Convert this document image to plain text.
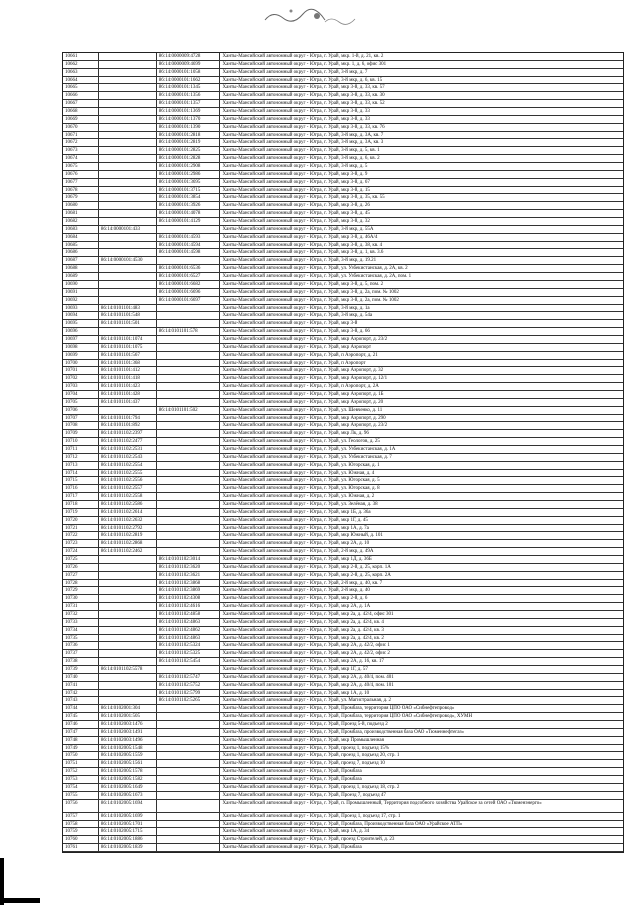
10661	86:14:0000009:4728	Ханты-Мансийский автономный округ - Югра, г. Урай, мкр. 1-й, д. 21, кв. 2
10662	86:14:0000009:4699	Ханты-Мансийский автономный округ - Югра, г. Урай, мкр. 1, д. 6, офис 301
10663	86:14:0000101:1058	Ханты-Мансийский автономный округ - Югра, г. Урай, 3-й мкр, д. 7
10664	86:14:0000101:1662	Ханты-Мансийский автономный округ - Югра, г. Урай, 3-й мкр, д. 6, кв. 15
10665	86:14:0000101:1345	Ханты-Мансийский автономный округ - Югра, г. Урай, мкр 3-й, д. 33, кв. 57
10666	86:14:0000101:1356	Ханты-Мансийский автономный округ - Югра, г. Урай, мкр 3-й, д. 33, кв. 30
10667	86:14:0000101:1357	Ханты-Мансийский автономный округ - Югра, г. Урай, мкр 3-й, д. 33, кв. 52
10668	86:14:0000101:1369	Ханты-Мансийский автономный округ - Югра, г. Урай, мкр 3-й, д. 33
10669	86:14:0000101:1370	Ханты-Мансийский автономный округ - Югра, г. Урай, мкр 3-й, д. 33
10670	86:14:0000101:1390	Ханты-Мансийский автономный округ - Югра, г. Урай, мкр 3-й, д. 33, кв. 76
10671	86:14:0000101:2818	Ханты-Мансийский автономный округ - Югра, г. Урай, 3-й мкр, д. 3А, кв. 7
10672	86:14:0000101:2819	Ханты-Мансийский автономный округ - Югра, г. Урай, 3-й мкр, д. 3А, кв. 3
10673	86:14:0000101:2825	Ханты-Мансийский автономный округ - Югра, г. Урай, 3-й мкр, д. 5, кв. 1
10674	86:14:0000101:2828	Ханты-Мансийский автономный округ - Югра, г. Урай, 3-й мкр, д. 6, кв. 2
10675	86:14:0000101:2908	Ханты-Мансийский автономный округ - Югра, г. Урай, 3-й мкр, д. 5
10676	86:14:0000101:2986	Ханты-Мансийский автономный округ - Югра, г. Урай, мкр 3-й, д. 9
10677	86:14:0000101:3695	Ханты-Мансийский автономный округ - Югра, г. Урай, мкр 3-й, д. 67
10678	86:14:0000101:3715	Ханты-Мансийский автономный округ - Югра, г. Урай, мкр 3-й, д. 15
10679	86:14:0000101:3854	Ханты-Мансийский автономный округ - Югра, г. Урай, мкр 3-й, д. 35, кв. 55
10680	86:14:0000101:3926	Ханты-Мансийский автономный округ - Югра, г. Урай, мкр 3-й, д. 26
10681	86:14:0000101:4078	Ханты-Мансийский автономный округ - Югра, г. Урай, мкр 3-й, д. 45
10682	86:14:0000101:4129	Ханты-Мансийский автономный округ - Югра, г. Урай, мкр 3-й, д. 32
10683	86:14:0000101:433	Ханты-Мансийский автономный округ - Югра, г. Урай, 3-й мкр, д. 55А
10684	86:14:0000101:4593	Ханты-Мансийский автономный округ - Югра, г. Урай, мкр 3-й, д. 46А/4
10685	86:14:0000101:4594	Ханты-Мансийский автономный округ - Югра, г. Урай, мкр 3-й, д. 38, кв. 4
10686	86:14:0000101:4598	Ханты-Мансийский автономный округ - Югра, г. Урай, мкр 3-й, д. 1, кв. 3.6
10687	86:14:0000101:4530	Ханты-Мансийский автономный округ - Югра, г. Урай, 3-й мкр, д. 19.21
10688	86:14:0000101:6536	Ханты-Мансийский автономный округ - Югра, г. Урай, ул. Узбекистанская, д. 2А, кв. 2
10689	86:14:0000101:6527	Ханты-Мансийский автономный округ - Югра, г. Урай, ул. Узбекистанская, д. 2А, пом. 1
10690	86:14:0000101:6682	Ханты-Мансийский автономный округ - Югра, г. Урай, мкр 3-й, д. 5, пом. 2
10691	86:14:0000101:6696	Ханты-Мансийский автономный округ - Югра, г. Урай, мкр 3-й, д. 2а, пом. № 1002
10692	86:14:0000101:6697	Ханты-Мансийский автономный округ - Югра, г. Урай, мкр 3-й, д. 2а, пом. № 1002
10693	86:14:0101101:483	Ханты-Мансийский автономный округ - Югра, г. Урай, 3-й мкр, д. 1а
10694	86:14:0101101:548	Ханты-Мансийский автономный округ - Югра, г. Урай, 3-й мкр, д. 54а
10695	86:14:0101101:501	Ханты-Мансийский автономный округ - Югра, г. Урай, мкр 3-й
10696	86:14:0101101:578	Ханты-Мансийский автономный округ - Югра, г. Урай, мкр 3-й, д. 66
10697	86:14:0101101:1074	Ханты-Мансийский автономный округ - Югра, г. Урай, мкр Аэропорт, д. 23/2
10698	86:14:0101101:1075	Ханты-Мансийский автономный округ - Югра, г. Урай, мкр Аэропорт
10699	86:14:0101101:567	Ханты-Мансийский автономный округ - Югра, г. Урай, п Аэропорт, д. 21
10700	86:14:0101101:368	Ханты-Мансийский автономный округ - Югра, г. Урай, п Аэропорт
10701	86:14:0101101:412	Ханты-Мансийский автономный округ - Югра, г. Урай, мкр Аэропорт, д. 32
10702	86:14:0101101:418	Ханты-Мансийский автономный округ - Югра, г. Урай, мкр Аэропорт, д. 12/1
10703	86:14:0101101:423	Ханты-Мансийский автономный округ - Югра, г. Урай, п Аэропорт, д. 2А
10704	86:14:0101101:428	Ханты-Мансийский автономный округ - Югра, г. Урай, мкр Аэропорт, д. 1Б
10705	86:14:0101101:437	Ханты-Мансийский автономный округ - Югра, г. Урай, мкр Аэропорт, д. 20
10706	86:14:0101101:502	Ханты-Мансийский автономный округ - Югра, г. Урай, ул. Шевченко, д. 11
10707	86:14:0101101:794	Ханты-Мансийский автономный округ - Югра, г. Урай, мкр Аэропорт, д. 290
10708	86:14:0101101:892	Ханты-Мансийский автономный округ - Югра, г. Урай, мкр Аэропорт, д. 23/2
10709	86:14:0101102:2397	Ханты-Мансийский автономный округ - Югра, г. Урай, мкр Лк, д. 96
10710	86:14:0101102:2477	Ханты-Мансийский автономный округ - Югра, г. Урай, ул. Геологов, д. 25
10711	86:14:0101102:2531	Ханты-Мансийский автономный округ - Югра, г. Урай, ул. Узбекистанская, д. 1А
10712	86:14:0101102:2543	Ханты-Мансийский автономный округ - Югра, г. Урай, ул. Узбекистанская, д. 7
10713	86:14:0101102:2554	Ханты-Мансийский автономный округ - Югра, г. Урай, ул. Югорская, д. 1
10714	86:14:0101102:2555	Ханты-Мансийский автономный округ - Югра, г. Урай, ул. Южная, д. 4
10715	86:14:0101102:2556	Ханты-Мансийский автономный округ - Югра, г. Урай, ул. Югорская, д. 5
10716	86:14:0101102:2557	Ханты-Мансийский автономный округ - Югра, г. Урай, ул. Югорская, д. 8
10717	86:14:0101102:2558	Ханты-Мансийский автономный округ - Югра, г. Урай, ул. Южная, д. 2
10718	86:14:0101102:2586	Ханты-Мансийский автономный округ - Югра, г. Урай, ул. Зелёная, д. 38
10719	86:14:0101102:2614	Ханты-Мансийский автономный округ - Югра, г. Урай, мкр 1Б, д. 36а
10720	86:14:0101102:2632	Ханты-Мансийский автономный округ - Югра, г. Урай, мкр 1Г, д. 45
10721	86:14:0101102:2792	Ханты-Мансийский автономный округ - Югра, г. Урай, мкр 1А, д. 7а
10722	86:14:0101102:2819	Ханты-Мансийский автономный округ - Югра, г. Урай, мкр Южный, д. 101
10723	86:14:0101102:2868	Ханты-Мансийский автономный округ - Югра, г. Урай, мкр 2А, д. 10
10724	86:14:0101102:2462	Ханты-Мансийский автономный округ - Югра, г. Урай, 2-й мкр, д. 49А
10725	86:14:0101102:3014	Ханты-Мансийский автономный округ - Югра, г. Урай, мкр 1Д, д. 36Б
10726	86:14:0101102:3620	Ханты-Мансийский автономный округ - Югра, г. Урай, мкр 2-й, д. 25, корп. 1А
10727	86:14:0101102:3621	Ханты-Мансийский автономный округ - Югра, г. Урай, мкр 2-й, д. 25, корп. 2А
10728	86:14:0101102:3868	Ханты-Мансийский автономный округ - Югра, г. Урай, 2-й мкр, д. 40, кв. 7
10729	86:14:0101102:3869	Ханты-Мансийский автономный округ - Югра, г. Урай, 2-й мкр, д. 40
10730	86:14:0101102:4308	Ханты-Мансийский автономный округ - Югра, г. Урай, мкр 2-й, д. 6
10731	86:14:0101102:4616	Ханты-Мансийский автономный округ - Югра, г. Урай, мкр 2А, д. 1А
10732	86:14:0101102:4858	Ханты-Мансийский автономный округ - Югра, г. Урай, мкр 2а, д. 42/4, офис 301
10733	86:14:0101102:4863	Ханты-Мансийский автономный округ - Югра, г. Урай, мкр 2а, д. 42/4, кв. 4
10734	86:14:0101102:4862	Ханты-Мансийский автономный округ - Югра, г. Урай, мкр 2а, д. 42/4, кв. 3
10735	86:14:0101102:4863	Ханты-Мансийский автономный округ - Югра, г. Урай, мкр 2а, д. 42/4, кв. 2
10736	86:14:0101102:5324	Ханты-Мансийский автономный округ - Югра, г. Урай, мкр 2А, д. 42/2, офис 1
10737	86:14:0101102:5325	Ханты-Мансийский автономный округ - Югра, г. Урай, мкр 2А, д. 42/2, офис 2
10738	86:14:0101102:5454	Ханты-Мансийский автономный округ - Югра, г. Урай, мкр 2А, д. 16, кв. 17
10739	86:14:0101102:5578	Ханты-Мансийский автономный округ - Югра, г. Урай, мкр 1Г, д. 57
10740	86:14:0101102:5747	Ханты-Мансийский автономный округ - Югра, г. Урай, мкр 2А, д. 40/4, пом. 401
10741	86:14:0101102:5752	Ханты-Мансийский автономный округ - Югра, г. Урай, мкр 2А, д. 40/4, пом. 101
10742	86:14:0101102:5799	Ханты-Мансийский автономный округ - Югра, г. Урай, мкр 1А, д. 10
10743	86:14:0101102:5265	Ханты-Мансийский автономный округ - Югра, г. Урай, ул. Магистральная, д. 2
10744	86:14:0102001:304	Ханты-Мансийский автономный округ - Югра, г. Урай, Промбаза, территория ЦПО ОАО «Сибнефтепровод»
10745	86:14:0102001:505	Ханты-Мансийский автономный округ - Югра, г. Урай, Промбаза, территория ЦПО ОАО «Сибнефтепровод», ХУМН
10746	86:14:0102003:1476	Ханты-Мансийский автономный округ - Югра, г. Урай, Проезд 5-й, подъезд 2
10747	86:14:0102003:1491	Ханты-Мансийский автономный округ - Югра, г. Урай, Промбаза, производственная база ОАО «Тюменнефтегаз»
10748	86:14:0102003:1496	Ханты-Мансийский автономный округ - Югра, г. Урай, мкр Промышленная
10749	86:14:0102005:1548	Ханты-Мансийский автономный округ - Югра, г. Урай, проезд 1, подъезд 15%
10750	86:14:0102005:1559	Ханты-Мансийский автономный округ - Югра, г. Урай, проезд 1, подъезд 20, стр. 1
10751	86:14:0102005:1561	Ханты-Мансийский автономный округ - Югра, г. Урай, проезд 7, подъезд 10
10752	86:14:0102005:1578	Ханты-Мансийский автономный округ - Югра, г. Урай, Промбаза
10753	86:14:0102005:1582	Ханты-Мансийский автономный округ - Югра, г. Урай, Промбаза
10754	86:14:0102005:1649	Ханты-Мансийский автономный округ - Югра, г. Урай, проезд 1, подъезд 18, стр. 2
10755	86:14:0102005:1673	Ханты-Мансийский автономный округ - Югра, г. Урай, Проезд 7, подъезд 47
10756	86:14:0102005:1694	Ханты-Мансийский автономный округ - Югра, г. Урай, п. Промышленный, Территория подсобного хозяйства Урайское за сетей ОАО «Тюменэнерго»
10757	86:14:0102005:1699	Ханты-Мансийский автономный округ - Югра, г. Урай, Проезд 1, подъезд 17, стр. 1
10758	86:14:0102005:1701	Ханты-Мансийский автономный округ - Югра, г. Урай, Промбаза, Производственная база ОАО «Урайское АТП»
10759	86:14:0102005:1715	Ханты-Мансийский автономный округ - Югра, г. Урай, мкр 1А, д. 34
10760	86:14:0102005:1886	Ханты-Мансийский автономный округ - Югра, г. Урай, проезд Строителей, д. 23
10761	86:14:0102005:1839	Ханты-Мансийский автономный округ - Югра, г. Урай, Промбаза
